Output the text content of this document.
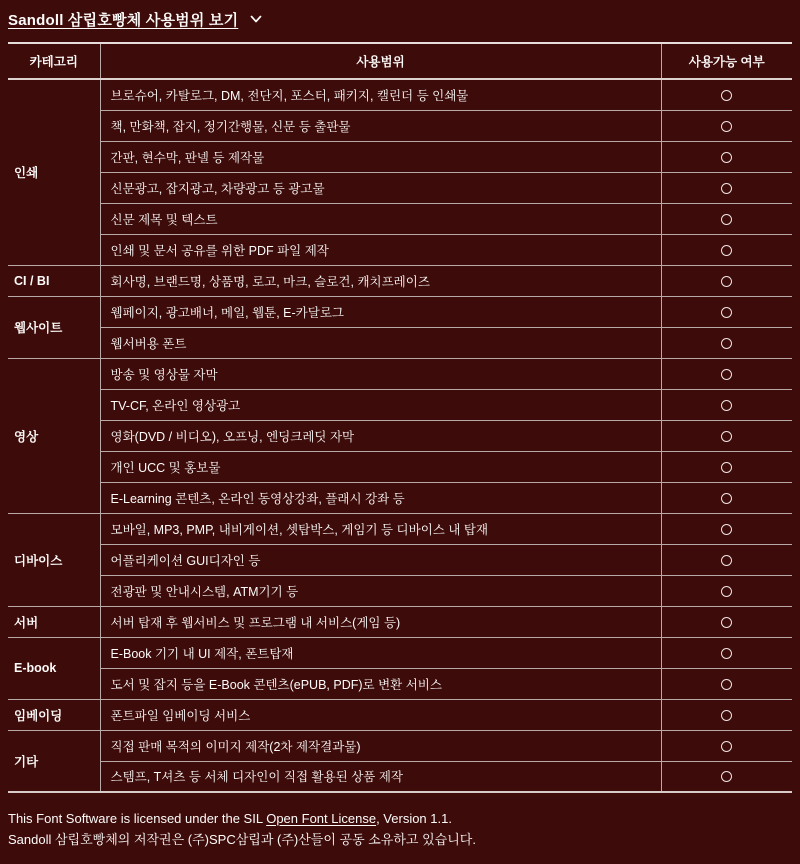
Sandoll 삼립호빵체 사용범위 보기
카테고리	사용범위	사용가능 여부
인쇄	브로슈어, 카탈로그, DM, 전단지, 포스터, 패키지, 캘린더 등 인쇄물	
	책, 만화책, 잡지, 정기간행물, 신문 등 출판물	
	간판, 현수막, 판넬 등 제작물	
	신문광고, 잡지광고, 차량광고 등 광고물	
	신문 제목 및 텍스트	
	인쇄 및 문서 공유를 위한 PDF 파일 제작	
CI / BI	회사명, 브랜드명, 상품명, 로고, 마크, 슬로건, 캐치프레이즈	
웹사이트	웹페이지, 광고배너, 메일, 웹툰, E-카달로그	
	웹서버용 폰트	
영상	방송 및 영상물 자막	
	TV-CF, 온라인 영상광고	
	영화(DVD / 비디오), 오프닝, 엔딩크레딧 자막	
	개인 UCC 및 홍보물	
	E-Learning 콘텐츠, 온라인 동영상강좌, 플래시 강좌 등	
디바이스	모바일, MP3, PMP, 내비게이션, 셋탑박스, 게임기 등 디바이스 내 탑재	
	어플리케이션 GUI디자인 등	
	전광판 및 안내시스템, ATM기기 등	
서버	서버 탑재 후 웹서비스 및 프로그램 내 서비스(게임 등)	
E-book	E-Book 기기 내 UI 제작, 폰트탑재	
	도서 및 잡지 등을 E-Book 콘텐츠(ePUB, PDF)로 변환 서비스	
임베이딩	폰트파일 임베이딩 서비스	
기타	직접 판매 목적의 이미지 제작(2차 제작결과물)	
	스템프, T셔츠 등 서체 디자인이 직접 활용된 상품 제작	
This Font Software is licensed under the SIL Open Font License, Version 1.1.
Sandoll 삼립호빵체의 저작권은 (주)SPC삼립과 (주)산들이 공동 소유하고 있습니다.
